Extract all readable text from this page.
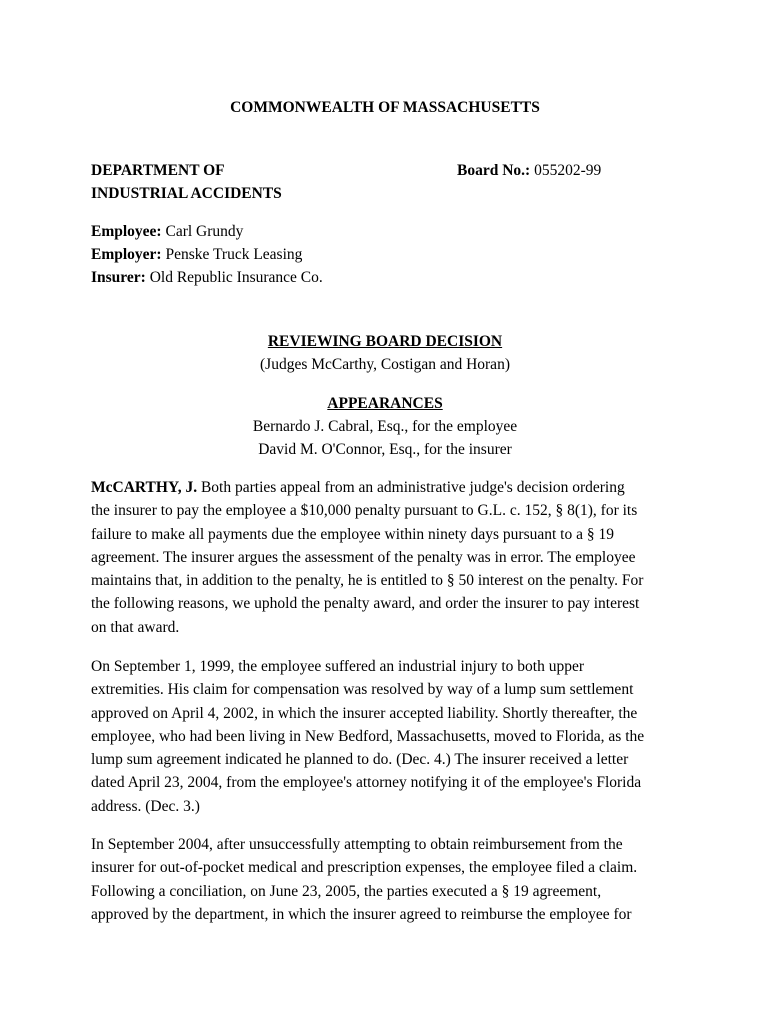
COMMONWEALTH OF MASSACHUSETTS
DEPARTMENT OF
INDUSTRIAL ACCIDENTS
Board No.: 055202-99
Employee: Carl Grundy
Employer: Penske Truck Leasing
Insurer: Old Republic Insurance Co.
REVIEWING BOARD DECISION
(Judges McCarthy, Costigan and Horan)
APPEARANCES
Bernardo J. Cabral, Esq., for the employee
David M. O'Connor, Esq., for the insurer
McCARTHY, J. Both parties appeal from an administrative judge's decision ordering
the insurer to pay the employee a $10,000 penalty pursuant to G.L. c. 152, § 8(1), for its
failure to make all payments due the employee within ninety days pursuant to a § 19
agreement. The insurer argues the assessment of the penalty was in error. The employee
maintains that, in addition to the penalty, he is entitled to § 50 interest on the penalty. For
the following reasons, we uphold the penalty award, and order the insurer to pay interest
on that award.
On September 1, 1999, the employee suffered an industrial injury to both upper
extremities. His claim for compensation was resolved by way of a lump sum settlement
approved on April 4, 2002, in which the insurer accepted liability. Shortly thereafter, the
employee, who had been living in New Bedford, Massachusetts, moved to Florida, as the
lump sum agreement indicated he planned to do. (Dec. 4.) The insurer received a letter
dated April 23, 2004, from the employee's attorney notifying it of the employee's Florida
address. (Dec. 3.)
In September 2004, after unsuccessfully attempting to obtain reimbursement from the
insurer for out-of-pocket medical and prescription expenses, the employee filed a claim.
Following a conciliation, on June 23, 2005, the parties executed a § 19 agreement,
approved by the department, in which the insurer agreed to reimburse the employee for
